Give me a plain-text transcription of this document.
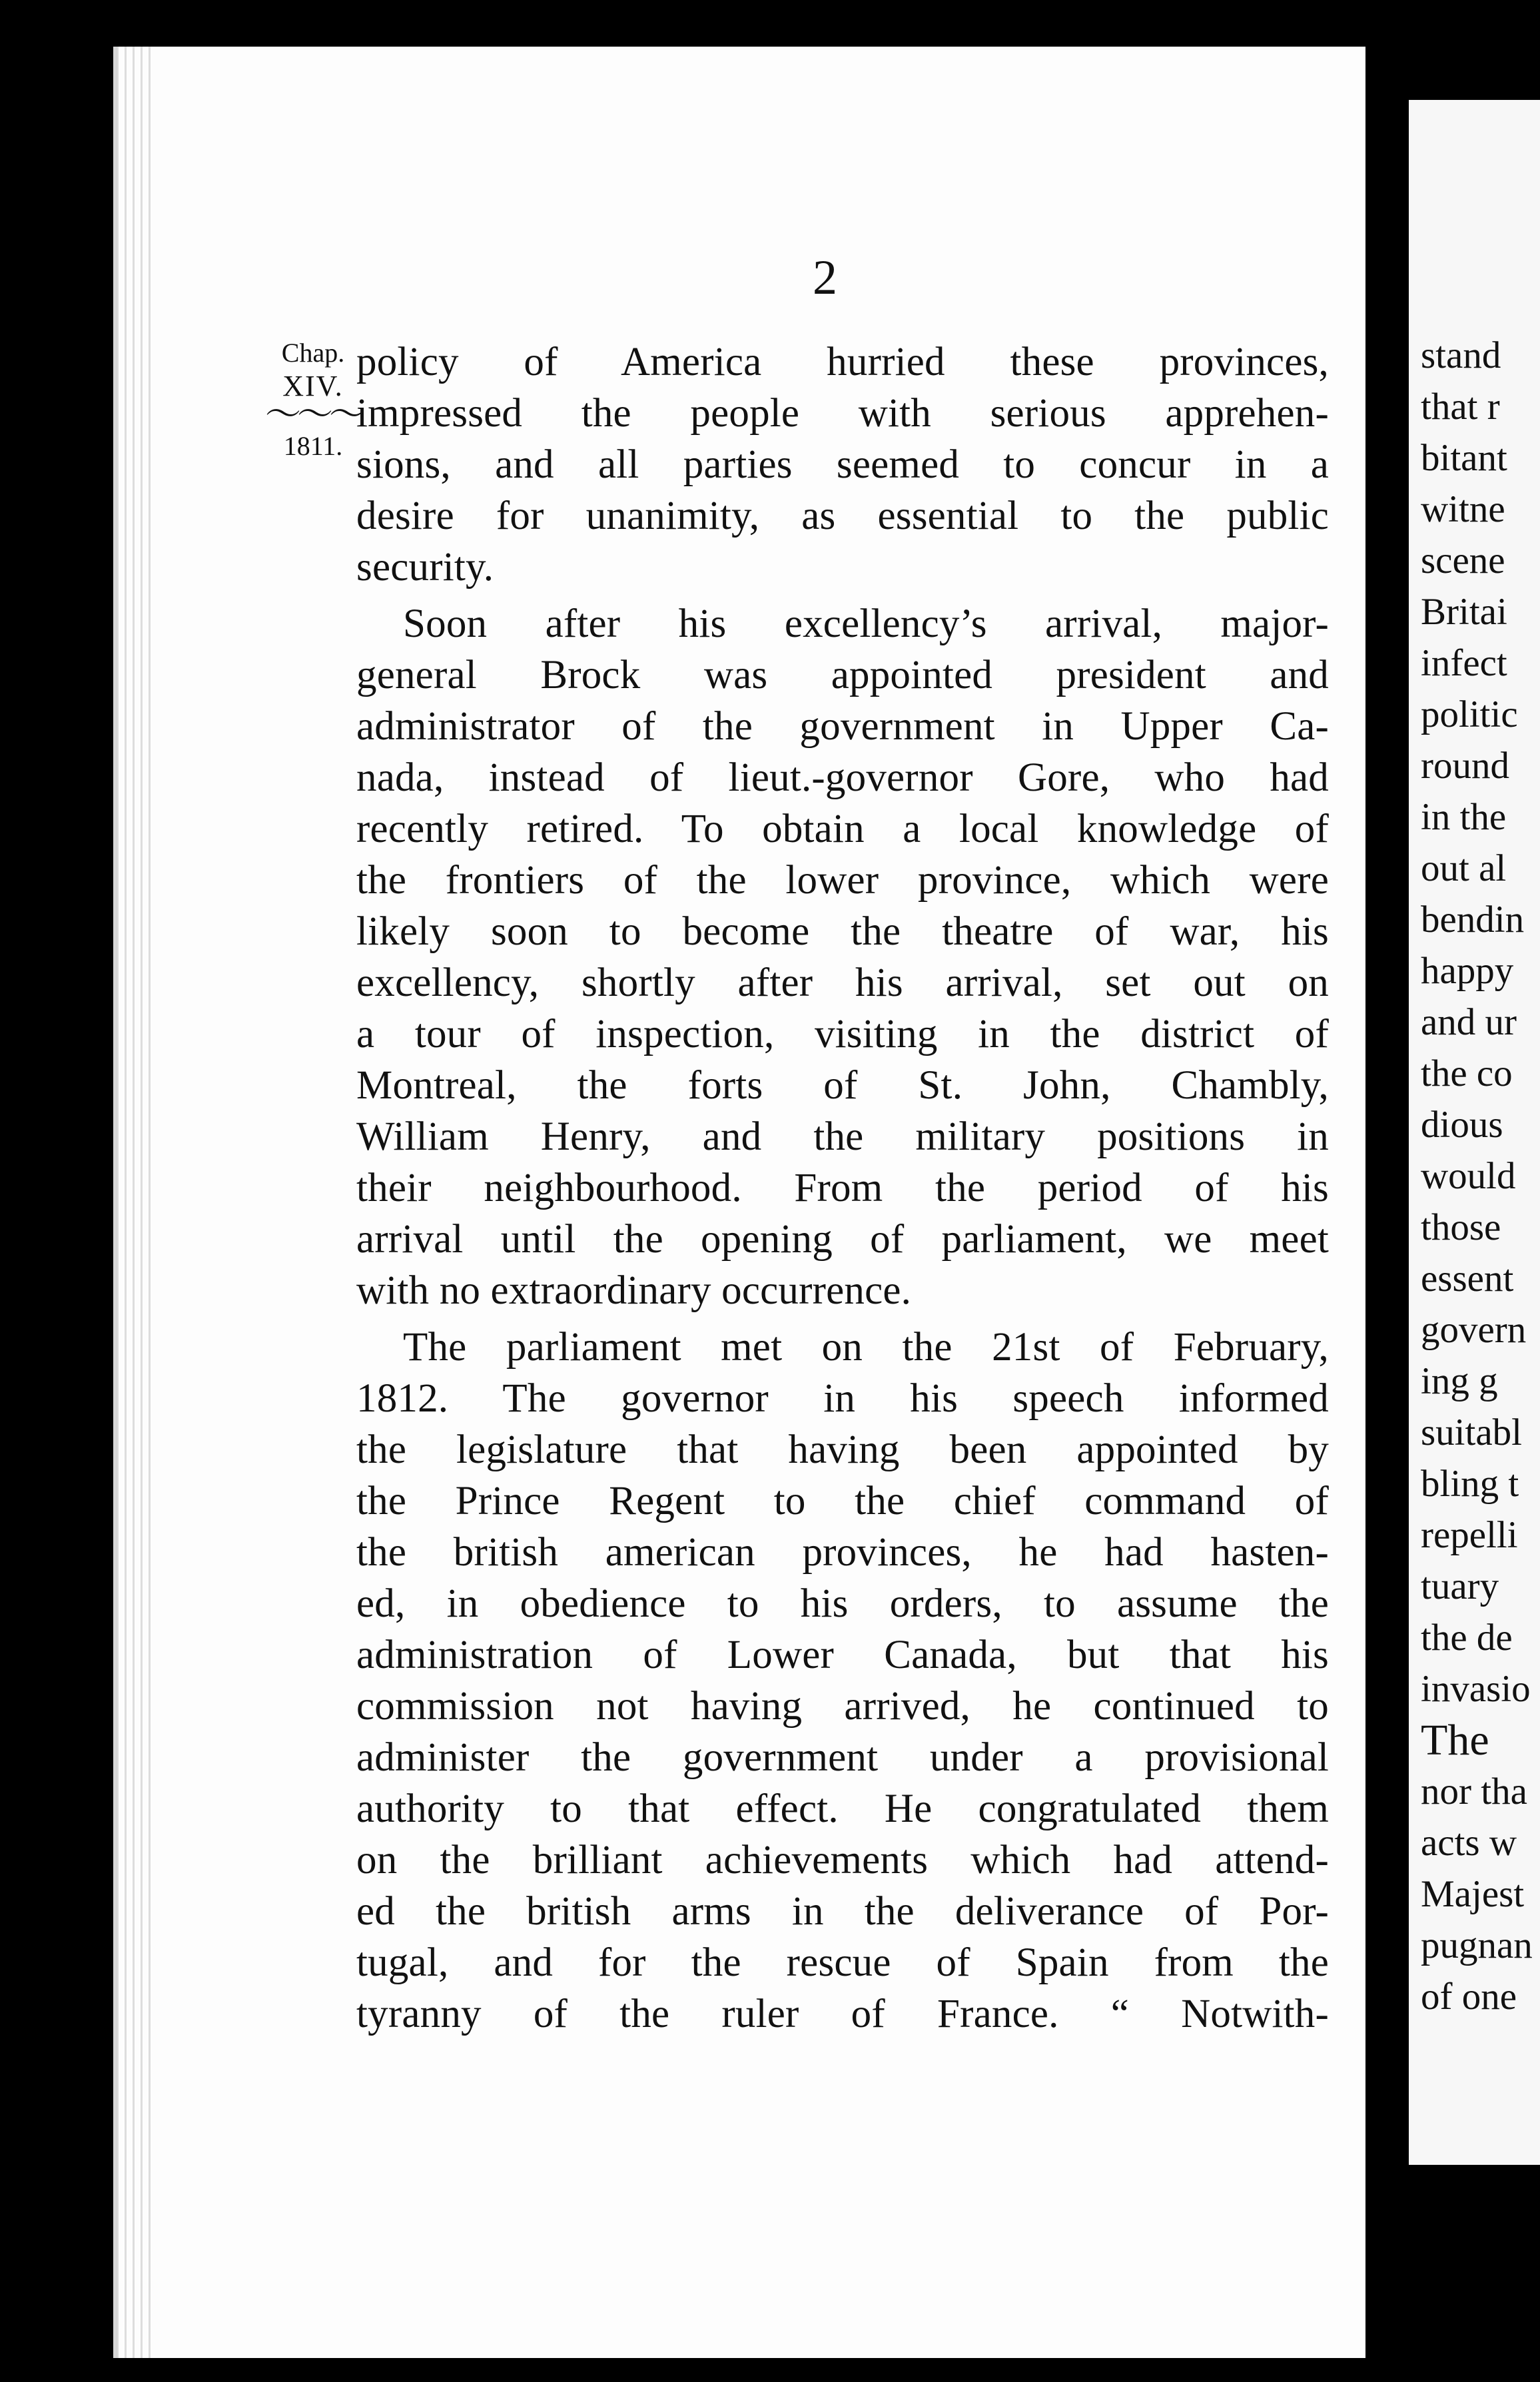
2
Chap.
XIV.
〜〜〜
1811.
policy of America hurried these provinces,
impressed the people with serious apprehen-
sions, and all parties seemed to concur in a
desire for unanimity, as essential to the public
security.
Soon after his excellency’s arrival, major-
general Brock was appointed president and
administrator of the government in Upper Ca-
nada, instead of lieut.-governor Gore, who had
recently retired. To obtain a local knowledge of
the frontiers of the lower province, which were
likely soon to become the theatre of war, his
excellency, shortly after his arrival, set out on
a tour of inspection, visiting in the district of
Montreal, the forts of St. John, Chambly,
William Henry, and the military positions in
their neighbourhood. From the period of his
arrival until the opening of parliament, we meet
with no extraordinary occurrence.
The parliament met on the 21st of February,
1812. The governor in his speech informed
the legislature that having been appointed by
the Prince Regent to the chief command of
the british american provinces, he had hasten-
ed, in obedience to his orders, to assume the
administration of Lower Canada, but that his
commission not having arrived, he continued to
administer the government under a provisional
authority to that effect. He congratulated them
on the brilliant achievements which had attend-
ed the british arms in the deliverance of Por-
tugal, and for the rescue of Spain from the
tyranny of the ruler of France. “ Notwith-
stand
that r
bitant
witne
scene
Britai
infect
politic
round
in the
out al
bendin
happy
and ur
the co
dious
would
those
essent
govern
ing g
suitabl
bling t
repelli
tuary
the de
invasio
The
nor tha
acts w
Majest
pugnan
of one
